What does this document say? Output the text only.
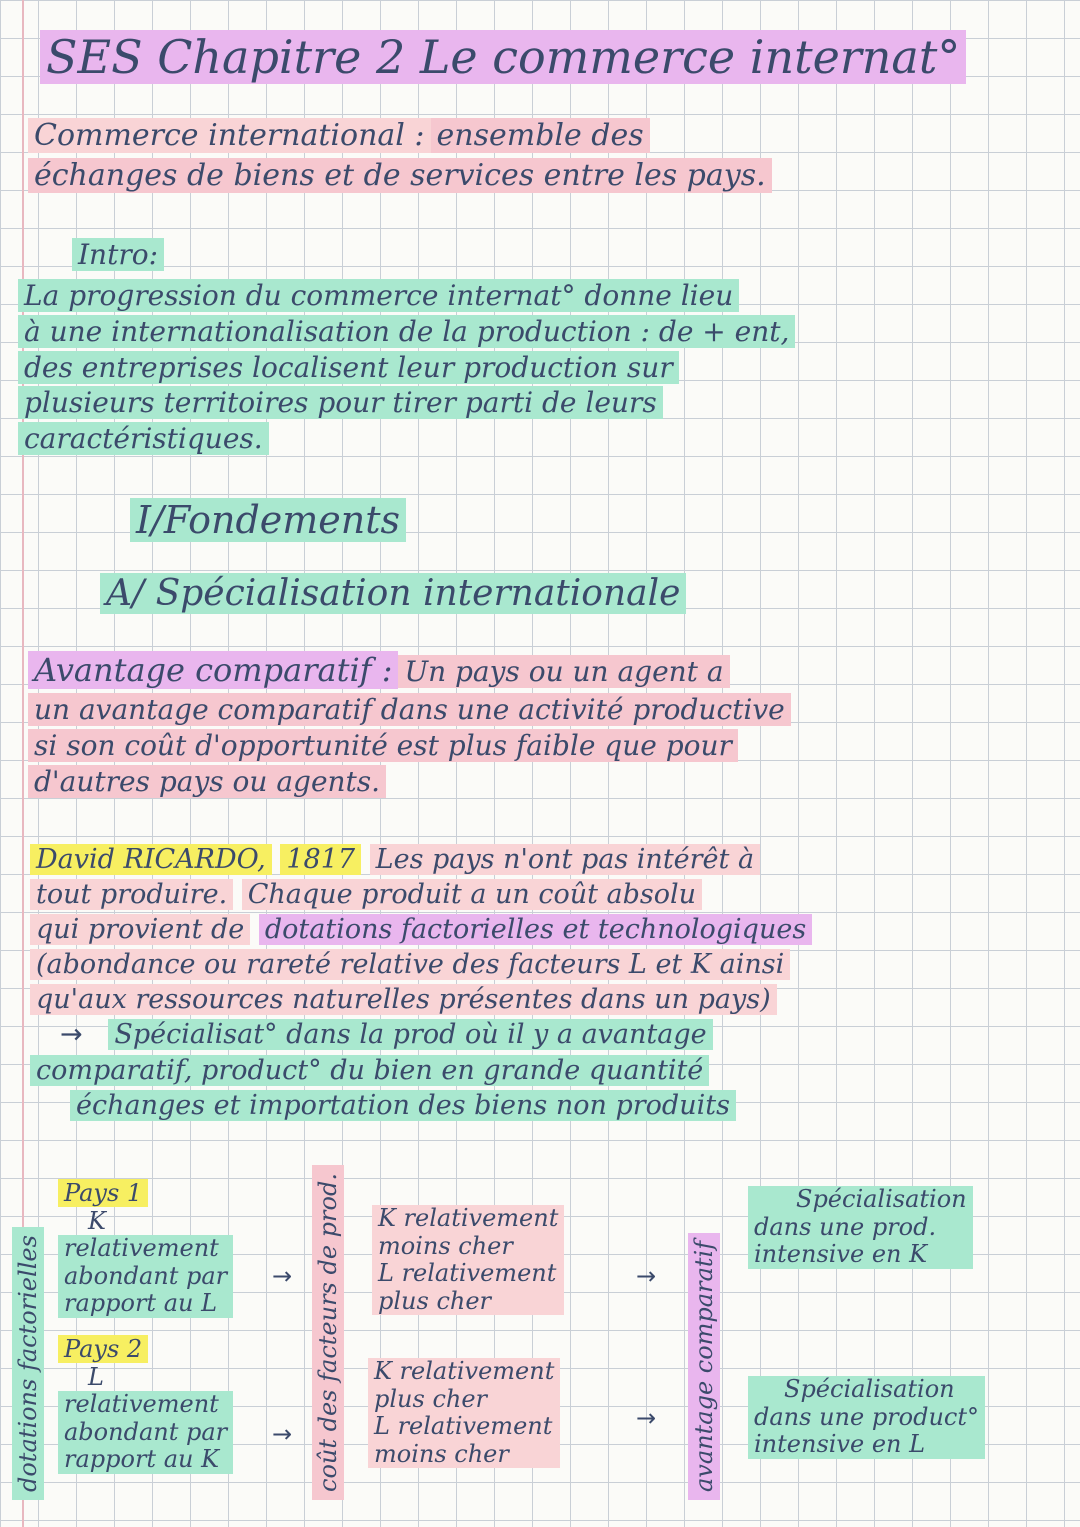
SES Chapitre 2 Le commerce internat°
Commerce international : ensemble des
échanges de biens et de services entre les pays.
Intro:
La progression du commerce internat° donne lieu
à une internationalisation de la production : de + ent,
des entreprises localisent leur production sur
plusieurs territoires pour tirer parti de leurs
caractéristiques.
I/Fondements
A/ Spécialisation internationale
Avantage comparatif : Un pays ou un agent a
un avantage comparatif dans une activité productive
si son coût d'opportunité est plus faible que pour
d'autres pays ou agents.
David RICARDO, 1817 Les pays n'ont pas intérêt à
tout produire. Chaque produit a un coût absolu
qui provient de dotations factorielles et technologiques
(abondance ou rareté relative des facteurs L et K ainsi
qu'aux ressources naturelles présentes dans un pays)
→ Spécialisat° dans la prod où il y a avantage
comparatif, product° du bien en grande quantité
échanges et importation des biens non produits
dotations factorielles
Pays 1
K
relativement
abondant par
rapport au L
→
Pays 2
L
relativement
abondant par
rapport au K
→ coût des facteurs de prod. K relativement
moins cher
L relativement
plus cher
→
K relativement
plus cher
L relativement
moins cher
→ avantage comparatif
Spécialisation
dans une prod.
intensive en K
Spécialisation
dans une product°
intensive en L
